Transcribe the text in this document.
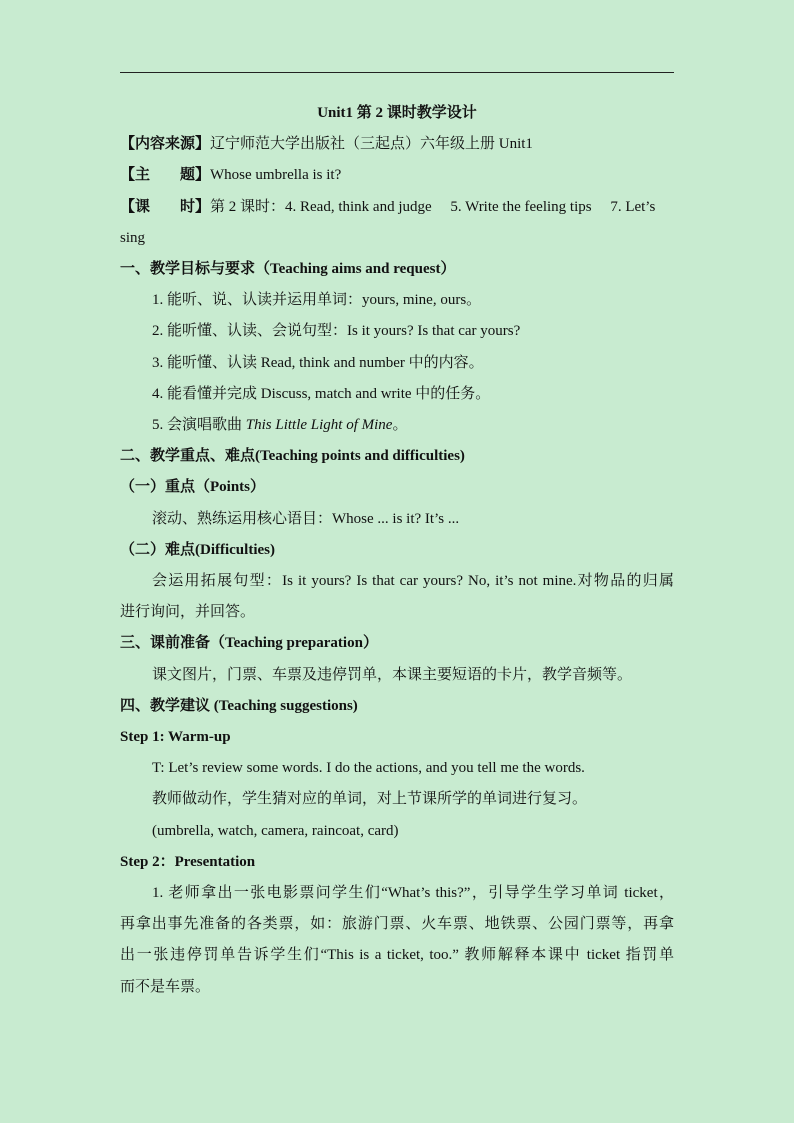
Unit1 第 2 课时教学设计
【内容来源】辽宁师范大学出版社（三起点）六年级上册 Unit1
【主　　题】Whose umbrella is it?
【课　　时】第 2 课时：4. Read, think and judge　 5. Write the feeling tips　 7. Let’s
sing
一、教学目标与要求（Teaching aims and request）
1. 能听、说、认读并运用单词：yours, mine, ours。
2. 能听懂、认读、会说句型：Is it yours? Is that car yours?
3. 能听懂、认读 Read, think and number 中的内容。
4. 能看懂并完成 Discuss, match and write 中的任务。
5. 会演唱歌曲 This Little Light of Mine。
二、教学重点、难点(Teaching points and difficulties)
（一）重点（Points）
滚动、熟练运用核心语目：Whose ... is it? It’s ...
（二）难点(Difficulties)
会运用拓展句型：Is it yours? Is that car yours? No, it’s not mine.对物品的归属
进行询问，并回答。
三、课前准备（Teaching preparation）
课文图片，门票、车票及违停罚单，本课主要短语的卡片，教学音频等。
四、教学建议 (Teaching suggestions)
Step 1: Warm-up
T: Let’s review some words. I do the actions, and you tell me the words.
教师做动作，学生猜对应的单词，对上节课所学的单词进行复习。
(umbrella, watch, camera, raincoat, card)
Step 2：Presentation
1. 老师拿出一张电影票问学生们“What’s this?”，引导学生学习单词 ticket，
再拿出事先准备的各类票，如：旅游门票、火车票、地铁票、公园门票等，再拿
出一张违停罚单告诉学生们“This is a ticket, too.” 教师解释本课中 ticket 指罚单
而不是车票。
